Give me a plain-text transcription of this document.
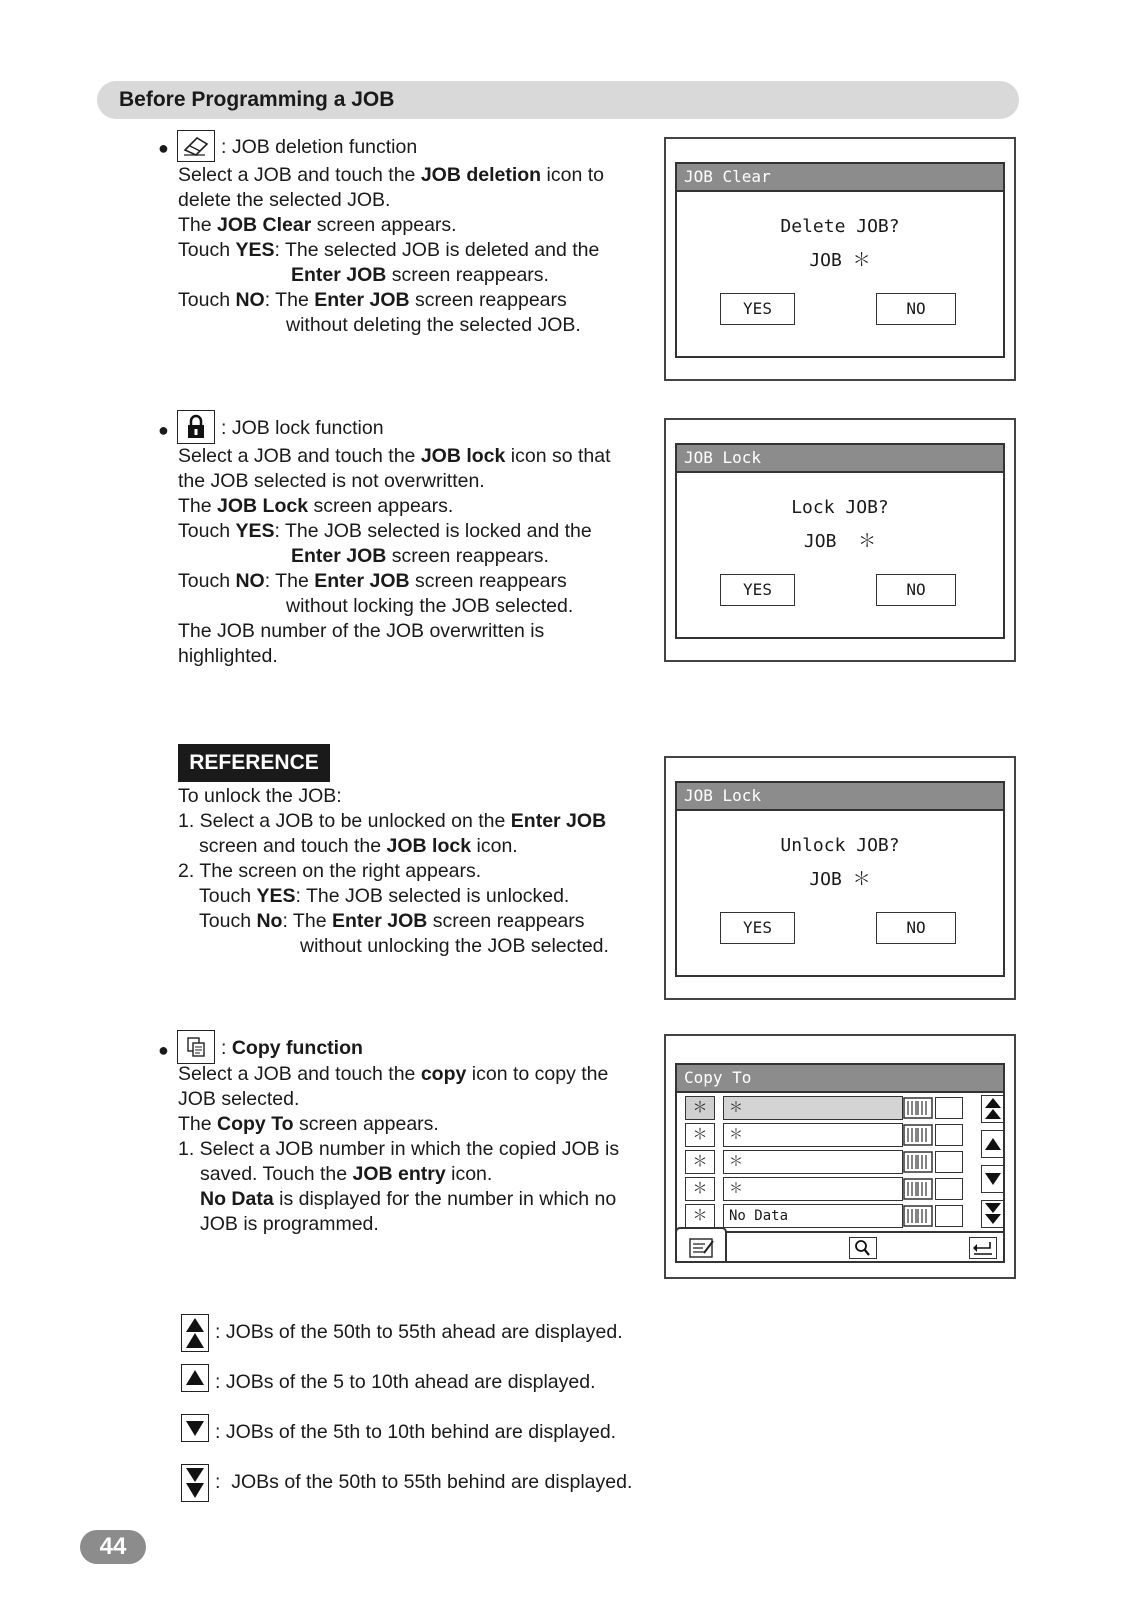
Before Programming a JOB
●	: JOB deletion function
Select a JOB and touch the JOB deletion icon to
delete the selected JOB.
The JOB Clear screen appears.
Touch YES: The selected JOB is deleted and the
Enter JOB screen reappears.
Touch NO: The Enter JOB screen reappears
without deleting the selected JOB.
JOB Clear
Delete JOB?
JOB ＊
YES	NO
●	: JOB lock function
Select a JOB and touch the JOB lock icon so that
the JOB selected is not overwritten.
The JOB Lock screen appears.
Touch YES: The JOB selected is locked and the
Enter JOB screen reappears.
Touch NO: The Enter JOB screen reappears
without locking the JOB selected.
The JOB number of the JOB overwritten is
highlighted.
JOB Lock
Lock JOB?
JOB  ＊
YES	NO
REFERENCE
To unlock the JOB:
1. Select a JOB to be unlocked on the Enter JOB
screen and touch the JOB lock icon.
2. The screen on the right appears.
Touch YES: The JOB selected is unlocked.
Touch No: The Enter JOB screen reappears
without unlocking the JOB selected.
JOB Lock
Unlock JOB?
JOB ＊
YES	NO
●	: Copy function
Select a JOB and touch the copy icon to copy the
JOB selected.
The Copy To screen appears.
1. Select a JOB number in which the copied JOB is
saved. Touch the JOB entry icon.
No Data is displayed for the number in which no
JOB is programmed.
Copy To
＊	＊
＊	＊
＊	＊
＊	＊
＊	No Data
: JOBs of the 50th to 55th ahead are displayed.
: JOBs of the 5 to 10th ahead are displayed.
: JOBs of the 5th to 10th behind are displayed.
:  JOBs of the 50th to 55th behind are displayed.
44
